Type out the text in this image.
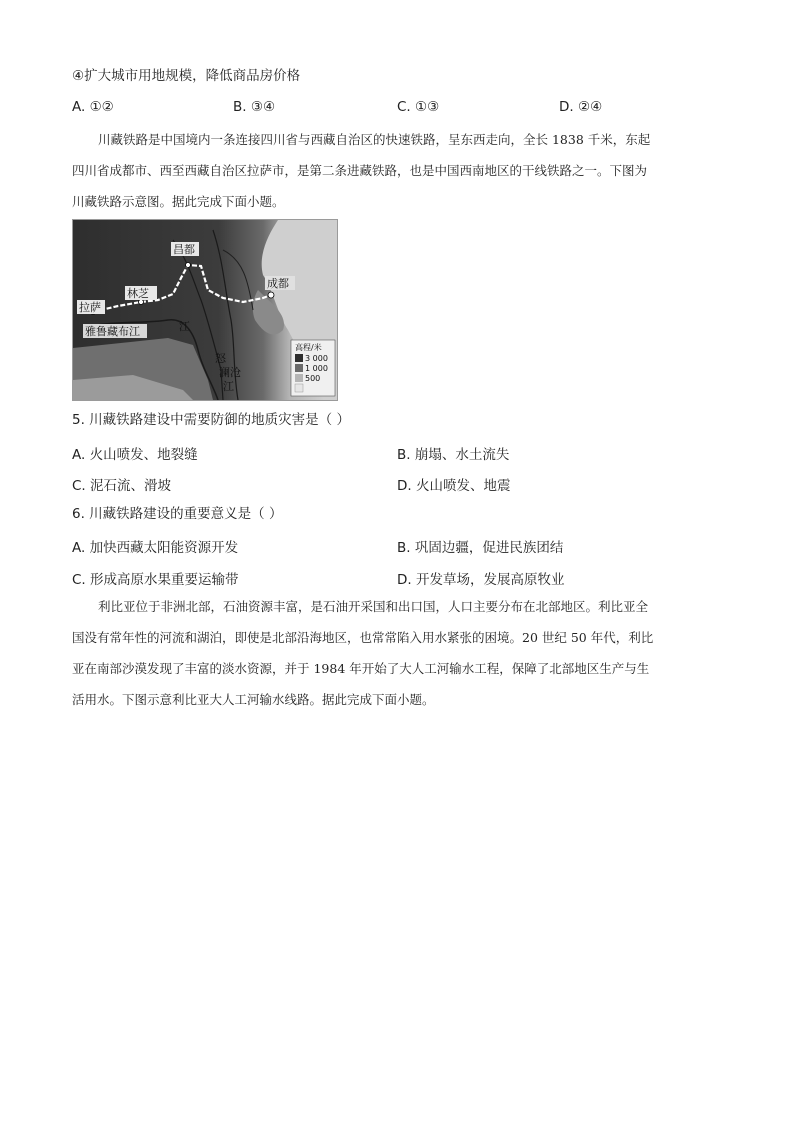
④扩大城市用地规模，降低商品房价格
A. ①②	B. ③④	C. ①③	D. ②④
川藏铁路是中国境内一条连接四川省与西藏自治区的快速铁路，呈东西走向，全长 1838 千米，东起
四川省成都市、西至西藏自治区拉萨市，是第二条进藏铁路，也是中国西南地区的干线铁路之一。下图为
川藏铁路示意图。据此完成下面小题。
昌都
成都
拉萨
林芝
雅鲁藏布江	江
怒
澜沧
江
高程/米
3 000
1 000
500
5. 川藏铁路建设中需要防御的地质灾害是（ ）
A. 火山喷发、地裂缝	B. 崩塌、水土流失
C. 泥石流、滑坡	D. 火山喷发、地震
6. 川藏铁路建设的重要意义是（ ）
A. 加快西藏太阳能资源开发	B. 巩固边疆，促进民族团结
C. 形成高原水果重要运输带	D. 开发草场，发展高原牧业
利比亚位于非洲北部，石油资源丰富，是石油开采国和出口国，人口主要分布在北部地区。利比亚全
国没有常年性的河流和湖泊，即使是北部沿海地区，也常常陷入用水紧张的困境。20 世纪 50 年代，利比
亚在南部沙漠发现了丰富的淡水资源，并于 1984 年开始了大人工河输水工程，保障了北部地区生产与生
活用水。下图示意利比亚大人工河输水线路。据此完成下面小题。
